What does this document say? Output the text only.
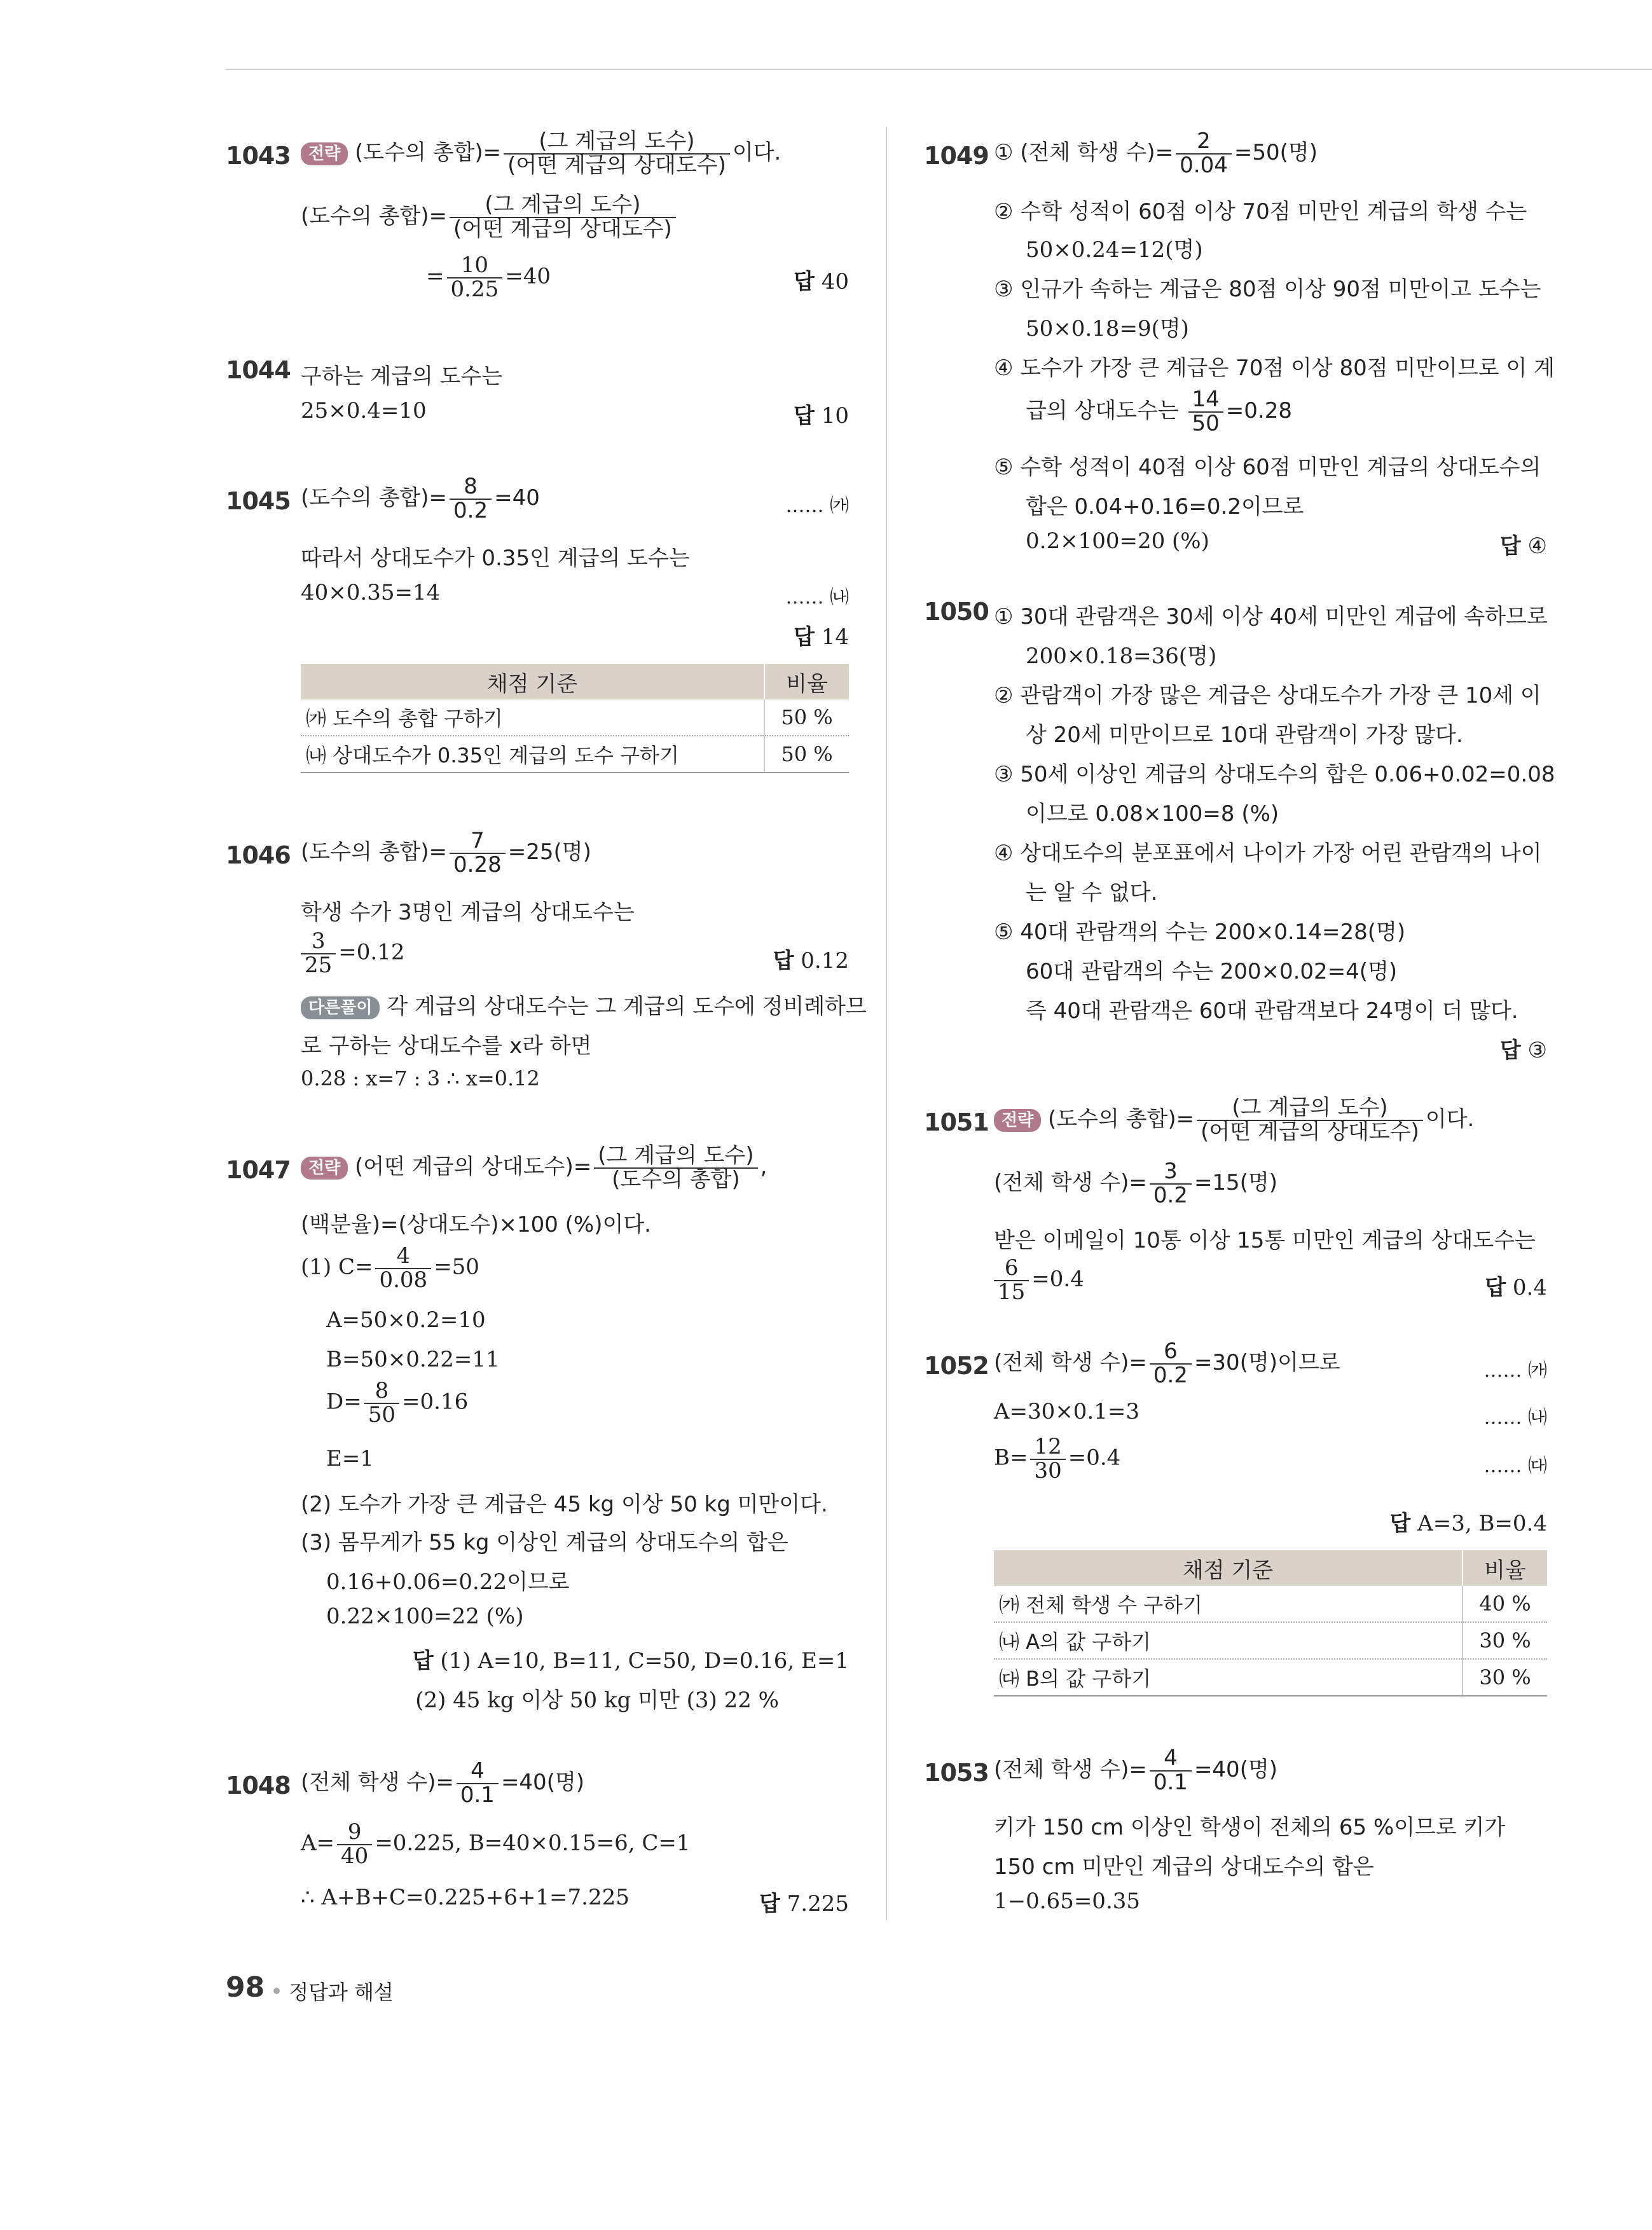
1043	전략 (도수의 총합)= $\frac{\text{(그 계급의 도수)}}{\text{(어떤 계급의 상대도수)}}$ 이다.
(도수의 총합)= $\frac{\text{(그 계급의 도수)}}{\text{(어떤 계급의 상대도수)}}$
= $\frac{10}{0.25} =40$	답 40
1044 구하는 계급의 도수는
25×0.4=10	답 10
1045 (도수의 총합)= $\frac{8}{0.2} =40$	…… ㈎
따라서 상대도수가 0.35인 계급의 도수는
40×0.35=14	…… ㈏
답 14
채점 기준	비율
㈎ 도수의 총합 구하기	50 %
㈏ 상대도수가 0.35인 계급의 도수 구하기	50 %
1046 (도수의 총합)= $\frac{7}{0.28} =25$(명)
학생 수가 3명인 계급의 상대도수는
$\frac{3}{25} =0.12$	답 0.12
다른풀이 각 계급의 상대도수는 그 계급의 도수에 정비례하므
로 구하는 상대도수를 x라 하면
0.28 : x=7 : 3 ∴ x=0.12
1047	전략 (어떤 계급의 상대도수)= $\frac{\text{(그 계급의 도수)}}{\text{(도수의 총합)}}$ ,
(백분율)=(상대도수)×100 (%)이다.
(1) $C= \frac{4}{0.08} =50$
A=50×0.2=10
B=50×0.22=11
$D= \frac{8}{50} =0.16$
E=1
(2) 도수가 가장 큰 계급은 45 kg 이상 50 kg 미만이다.
(3) 몸무게가 55 kg 이상인 계급의 상대도수의 합은
0.16+0.06=0.22이므로
0.22×100=22 (%)
답 (1) A=10, B=11, C=50, D=0.16, E=1
(2) 45 kg 이상 50 kg 미만 (3) 22 %
1048 (전체 학생 수)= $\frac{4}{0.1} =40$(명)
$A= \frac{9}{40} =0.225$, B=40×0.15=6, C=1
∴ A+B+C=0.225+6+1=7.225	답 7.225
1049 ① (전체 학생 수)= $\frac{2}{0.04} =50$(명)
② 수학 성적이 60점 이상 70점 미만인 계급의 학생 수는
50×0.24=12(명)
③ 인규가 속하는 계급은 80점 이상 90점 미만이고 도수는
50×0.18=9(명)
④ 도수가 가장 큰 계급은 70점 이상 80점 미만이므로 이 계
급의 상대도수는 $\frac{14}{50} =0.28$
⑤ 수학 성적이 40점 이상 60점 미만인 계급의 상대도수의
합은 0.04+0.16=0.2이므로
0.2×100=20 (%)	답 ④
1050 ① 30대 관람객은 30세 이상 40세 미만인 계급에 속하므로
200×0.18=36(명)
② 관람객이 가장 많은 계급은 상대도수가 가장 큰 10세 이
상 20세 미만이므로 10대 관람객이 가장 많다.
③ 50세 이상인 계급의 상대도수의 합은 0.06+0.02=0.08
이므로 0.08×100=8 (%)
④ 상대도수의 분포표에서 나이가 가장 어린 관람객의 나이
는 알 수 없다.
⑤ 40대 관람객의 수는 200×0.14=28(명)
60대 관람객의 수는 200×0.02=4(명)
즉 40대 관람객은 60대 관람객보다 24명이 더 많다.
답 ③
1051 전략 (도수의 총합)= $\frac{\text{(그 계급의 도수)}}{\text{(어떤 계급의 상대도수)}}$ 이다.
(전체 학생 수)= $\frac{3}{0.2} =15$(명)
받은 이메일이 10통 이상 15통 미만인 계급의 상대도수는
$\frac{6}{15} =0.4$	답 0.4
1052 (전체 학생 수)= $\frac{6}{0.2} =30$(명)이므로	…… ㈎
A=30×0.1=3	…… ㈏
$B= \frac{12}{30} =0.4$	…… ㈐
답 A=3, B=0.4
채점 기준	비율
㈎ 전체 학생 수 구하기	40 %
㈏ A의 값 구하기	30 %
㈐ B의 값 구하기	30 %
1053 (전체 학생 수)= $\frac{4}{0.1} =40$(명)
키가 150 cm 이상인 학생이 전체의 65 %이므로 키가
150 cm 미만인 계급의 상대도수의 합은
1−0.65=0.35
98 정답과 해설
